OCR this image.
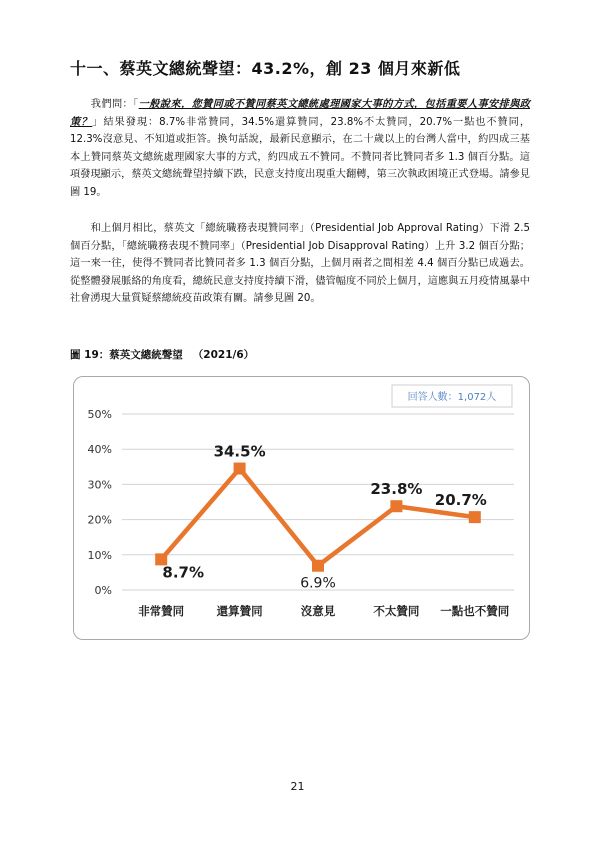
十一、蔡英文總統聲望：43.2%，創 23 個月來新低
  我們問：「一般說來，您贊同或不贊同蔡英文總統處理國家大事的方式，包括重要人事安排與政策？」結果發現：8.7%非常贊同，34.5%還算贊同，23.8%不太贊同，20.7%一點也不贊同，12.3%沒意見、不知道或拒答。換句話說，最新民意顯示，在二十歲以上的台灣人當中，約四成三基本上贊同蔡英文總統處理國家大事的方式，約四成五不贊同。不贊同者比贊同者多 1.3 個百分點。這項發現顯示，蔡英文總統聲望持續下跌，民意支持度出現重大翻轉，第三次執政困境正式登場。請參見圖 19。
  和上個月相比，蔡英文「總統職務表現贊同率」（Presidential Job Approval Rating）下滑 2.5 個百分點，「總統職務表現不贊同率」（Presidential Job Disapproval Rating）上升 3.2 個百分點；這一來一往，使得不贊同者比贊同者多 1.3 個百分點，上個月兩者之間相差 4.4 個百分點已成過去。從整體發展脈絡的角度看，總統民意支持度持續下滑，儘管幅度不同於上個月，這應與五月疫情風暴中社會湧現大量質疑蔡總統疫苗政策有關。請參見圖 20。
圖 19：蔡英文總統聲望 （2021/6）
0%
10%
20%
30%
40%
50%
回答人數：1,072人
8.7%
34.5%
6.9%
23.8%
20.7%
非常贊同	還算贊同	沒意見	不太贊同 一點也不贊同
21
